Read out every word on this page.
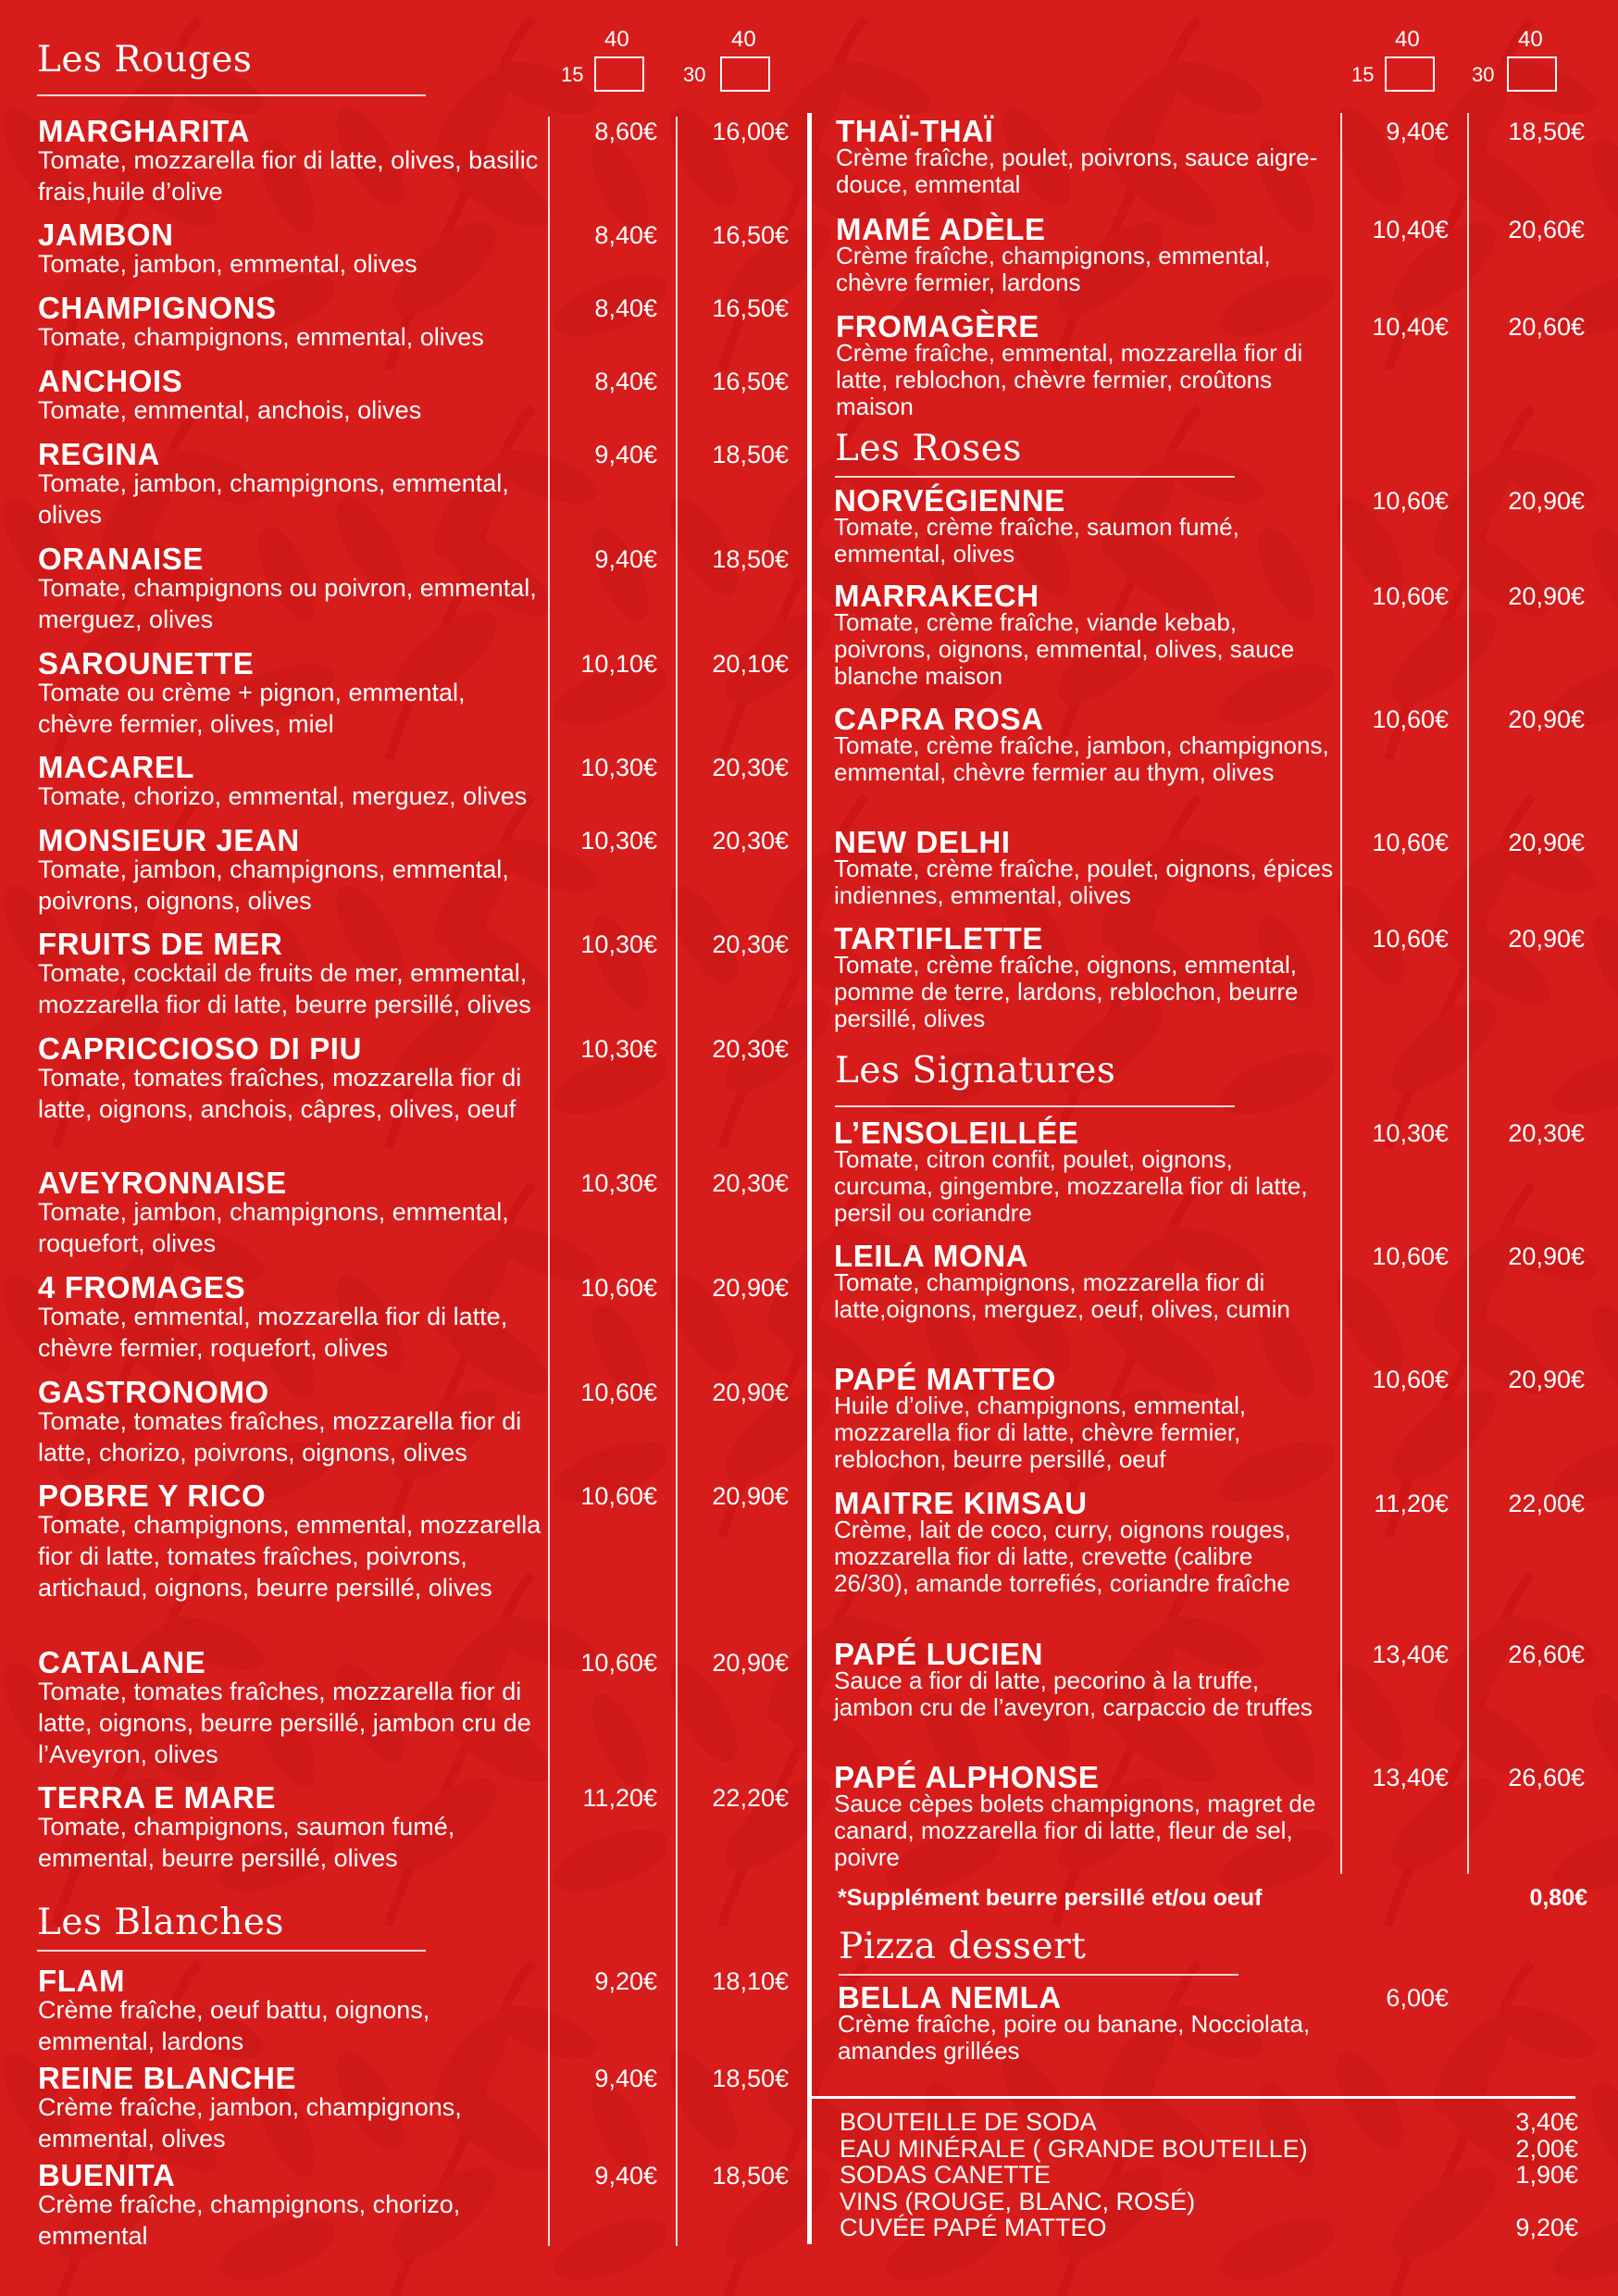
Les Rouges	40
15
40
30
MARGHARITA
Tomate, mozzarella fior di latte, olives, basilic frais,huile d’olive
8,60€	16,00€
JAMBON
Tomate, jambon, emmental, olives
8,40€	16,50€
CHAMPIGNONS
Tomate, champignons, emmental, olives
8,40€	16,50€
ANCHOIS
Tomate, emmental, anchois, olives
8,40€	16,50€
REGINA
Tomate, jambon, champignons, emmental, olives
9,40€	18,50€
ORANAISE
Tomate, champignons ou poivron, emmental, merguez, olives
9,40€	18,50€
SAROUNETTE
Tomate ou crème + pignon, emmental, chèvre fermier, olives, miel
10,10€	20,10€
MACAREL
Tomate, chorizo, emmental, merguez, olives
10,30€	20,30€
MONSIEUR JEAN
Tomate, jambon, champignons, emmental, poivrons, oignons, olives
10,30€	20,30€
FRUITS DE MER
Tomate, cocktail de fruits de mer, emmental, mozzarella fior di latte, beurre persillé, olives
10,30€	20,30€
CAPRICCIOSO DI PIU
Tomate, tomates fraîches, mozzarella fior di latte, oignons, anchois, câpres, olives, oeuf
10,30€	20,30€
AVEYRONNAISE
Tomate, jambon, champignons, emmental, roquefort, olives
10,30€	20,30€
4 FROMAGES
Tomate, emmental, mozzarella fior di latte, chèvre fermier, roquefort, olives
10,60€	20,90€
GASTRONOMO
Tomate, tomates fraîches, mozzarella fior di latte, chorizo, poivrons, oignons, olives
10,60€	20,90€
POBRE Y RICO
Tomate, champignons, emmental, mozzarella fior di latte, tomates fraîches, poivrons, artichaud, oignons, beurre persillé, olives
10,60€	20,90€
CATALANE
Tomate, tomates fraîches, mozzarella fior di latte, oignons, beurre persillé, jambon cru de l’Aveyron, olives
10,60€	20,90€
TERRA E MARE
Tomate, champignons, saumon fumé, emmental, beurre persillé, olives
11,20€	22,20€
Les Blanches
FLAM
Crème fraîche, oeuf battu, oignons, emmental, lardons
9,20€	18,10€
REINE BLANCHE
Crème fraîche, jambon, champignons, emmental, olives
9,40€	18,50€
BUENITA
Crème fraîche, champignons, chorizo, emmental
9,40€	18,50€
40
15
40
30
THAÏ-THAÏ
Crème fraîche, poulet, poivrons, sauce aigre-douce, emmental
9,40€	18,50€
MAMÉ ADÈLE
Crème fraîche, champignons, emmental, chèvre fermier, lardons
10,40€	20,60€
FROMAGÈRE
Crème fraîche, emmental, mozzarella fior di latte, reblochon, chèvre fermier, croûtons maison
10,40€	20,60€
Les Roses
NORVÉGIENNE
Tomate, crème fraîche, saumon fumé, emmental, olives
10,60€	20,90€
MARRAKECH
Tomate, crème fraîche, viande kebab, poivrons, oignons, emmental, olives, sauce blanche maison
10,60€	20,90€
CAPRA ROSA
Tomate, crème fraîche, jambon, champignons, emmental, chèvre fermier au thym, olives
10,60€	20,90€
NEW DELHI
Tomate, crème fraîche, poulet, oignons, épices indiennes, emmental, olives
10,60€	20,90€
TARTIFLETTE
Tomate, crème fraîche, oignons, emmental, pomme de terre, lardons, reblochon, beurre persillé, olives
10,60€	20,90€
Les Signatures
L’ENSOLEILLÉE
Tomate, citron confit, poulet, oignons, curcuma, gingembre, mozzarella fior di latte, persil ou coriandre
10,30€	20,30€
LEILA MONA
Tomate, champignons, mozzarella fior di latte,oignons, merguez, oeuf, olives, cumin
10,60€	20,90€
PAPÉ MATTEO
Huile d’olive, champignons, emmental, mozzarella fior di latte, chèvre fermier, reblochon, beurre persillé, oeuf
10,60€	20,90€
MAITRE KIMSAU
Crème, lait de coco, curry, oignons rouges, mozzarella fior di latte, crevette (calibre 26/30), amande torrefiés, coriandre fraîche
11,20€	22,00€
PAPÉ LUCIEN
Sauce a fior di latte, pecorino à la truffe, jambon cru de l’aveyron, carpaccio de truffes
13,40€	26,60€
PAPÉ ALPHONSE
Sauce cèpes bolets champignons, magret de canard, mozzarella fior di latte, fleur de sel, poivre
13,40€	26,60€
*Supplément beurre persillé et/ou oeuf	0,80€
Pizza dessert
BELLA NEMLA
Crème fraîche, poire ou banane, Nocciolata, amandes grillées
6,00€
BOUTEILLE DE SODA	3,40€
EAU MINÉRALE ( GRANDE BOUTEILLE)	2,00€
SODAS CANETTE	1,90€
VINS (ROUGE, BLANC, ROSÉ)
CUVÉE PAPÉ MATTEO	9,20€
